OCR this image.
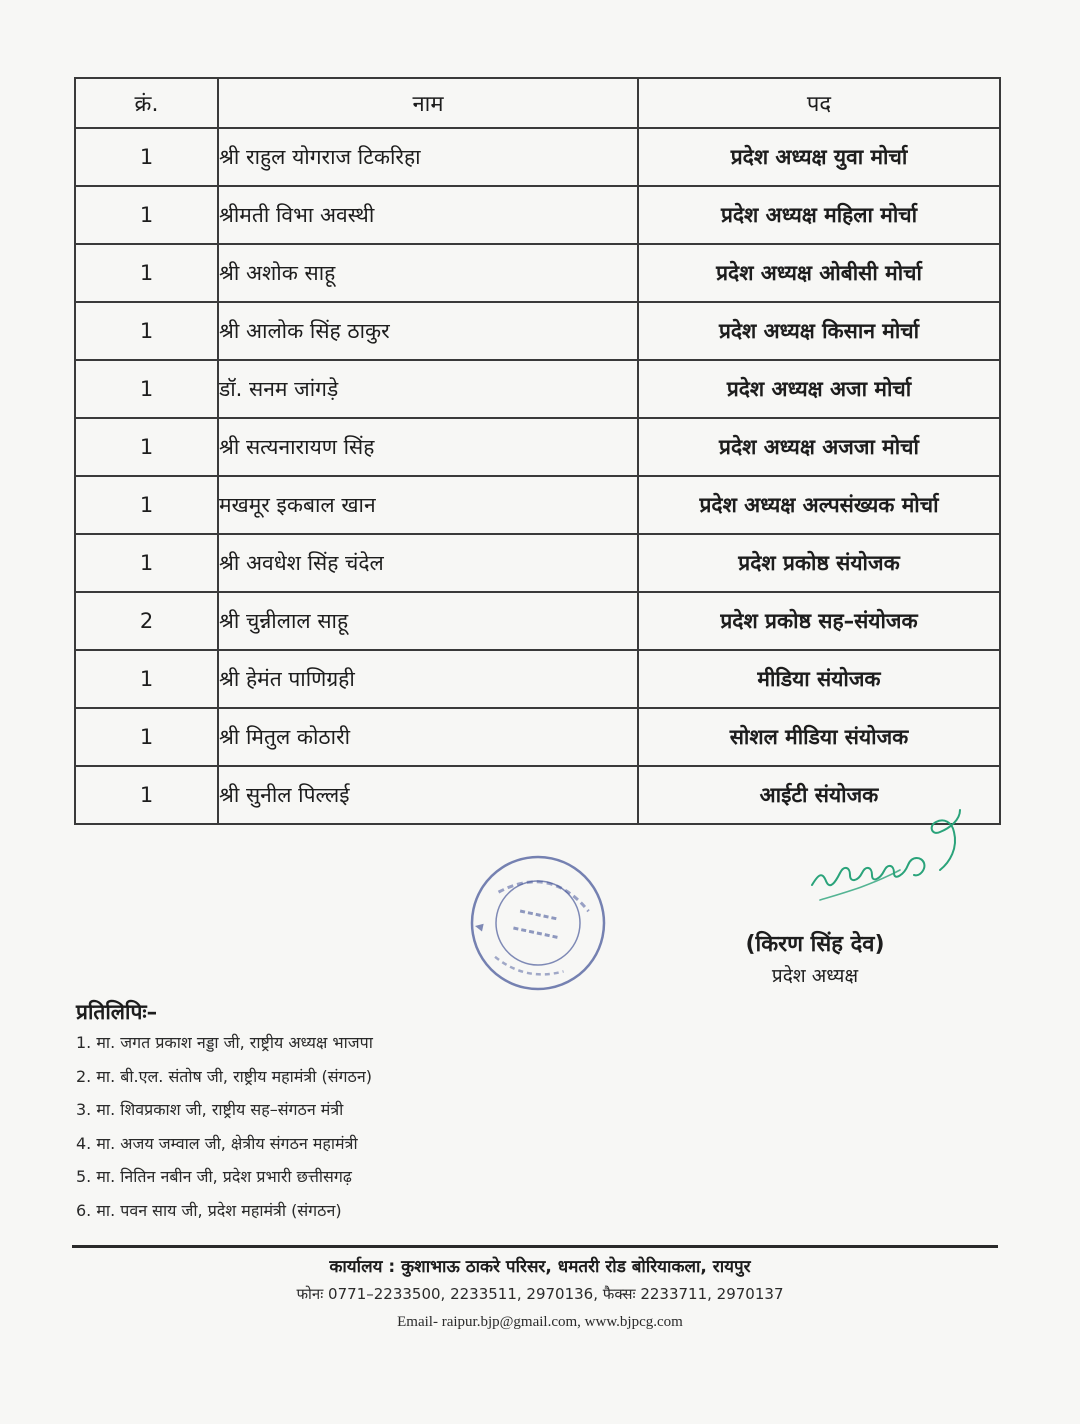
क्रं.	नाम	पद
1	श्री राहुल योगराज टिकरिहा	प्रदेश अध्यक्ष युवा मोर्चा
1	श्रीमती विभा अवस्थी	प्रदेश अध्यक्ष महिला मोर्चा
1	श्री अशोक साहू	प्रदेश अध्यक्ष ओबीसी मोर्चा
1	श्री आलोक सिंह ठाकुर	प्रदेश अध्यक्ष किसान मोर्चा
1	डॉ. सनम जांगड़े	प्रदेश अध्यक्ष अजा मोर्चा
1	श्री सत्यनारायण सिंह	प्रदेश अध्यक्ष अजजा मोर्चा
1	मखमूर इकबाल खान	प्रदेश अध्यक्ष अल्पसंख्यक मोर्चा
1	श्री अवधेश सिंह चंदेल	प्रदेश प्रकोष्ठ संयोजक
2	श्री चुन्नीलाल साहू	प्रदेश प्रकोष्ठ सह–संयोजक
1	श्री हेमंत पाणिग्रही	मीडिया संयोजक
1	श्री मितुल कोठारी	सोशल मीडिया संयोजक
1	श्री सुनील पिल्लई	आईटी संयोजक
(किरण सिंह देव)
प्रदेश अध्यक्ष
प्रतिलिपिः–
1. मा. जगत प्रकाश नड्डा जी, राष्ट्रीय अध्यक्ष भाजपा
2. मा. बी.एल. संतोष जी, राष्ट्रीय महामंत्री (संगठन)
3. मा. शिवप्रकाश जी, राष्ट्रीय सह–संगठन मंत्री
4. मा. अजय जम्वाल जी, क्षेत्रीय संगठन महामंत्री
5. मा. नितिन नबीन जी, प्रदेश प्रभारी छत्तीसगढ़
6. मा. पवन साय जी, प्रदेश महामंत्री (संगठन)
कार्यालय : कुशाभाऊ ठाकरे परिसर, धमतरी रोड बोरियाकला, रायपुर
फोनः 0771–2233500, 2233511, 2970136, फैक्सः 2233711, 2970137
Email- raipur.bjp@gmail.com, www.bjpcg.com
